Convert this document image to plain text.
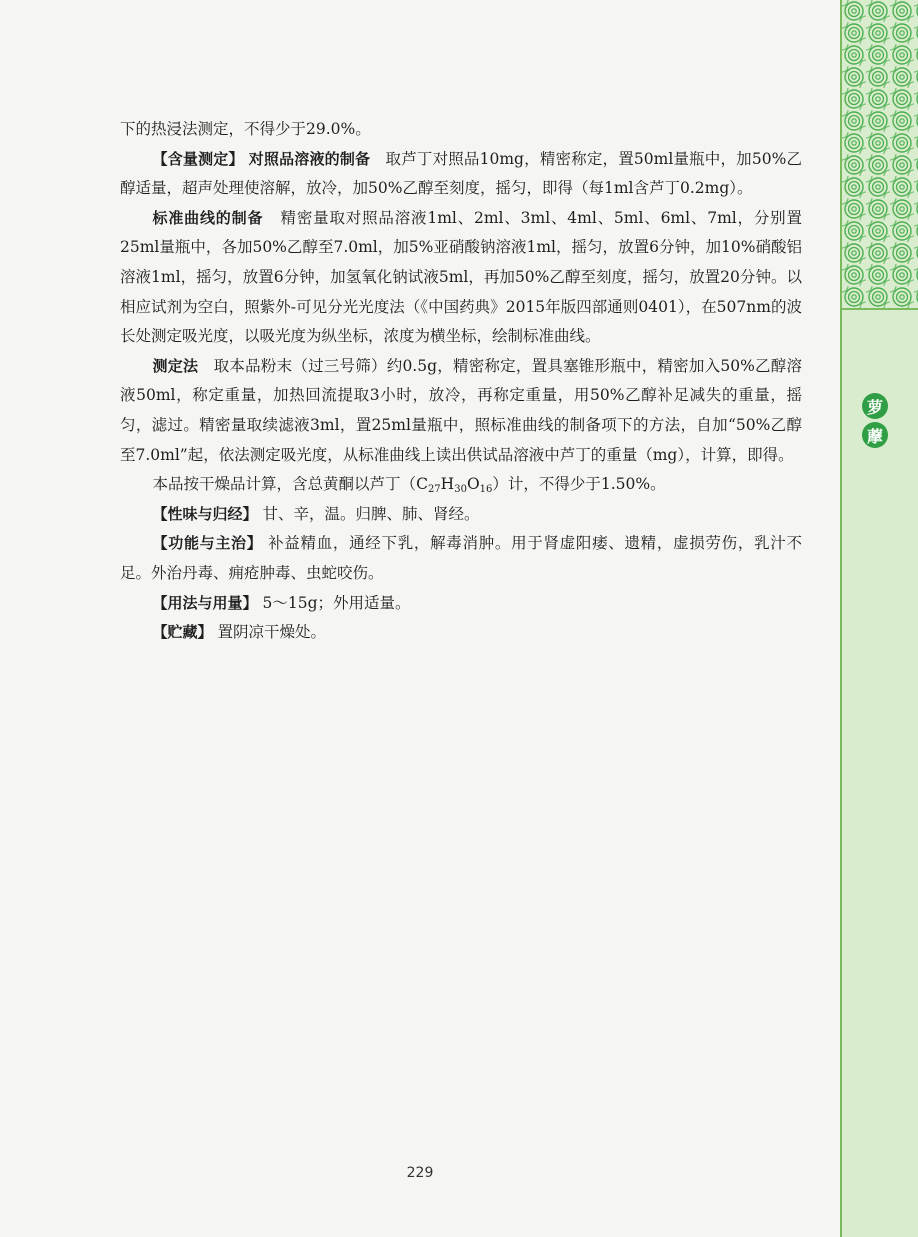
萝
藦

下的热浸法测定，不得少于29.0%。

【含量测定】 对照品溶液的制备 取芦丁对照品10mg，精密称定，置50ml量瓶中，加50%乙醇适量，超声处理使溶解，放冷，加50%乙醇至刻度，摇匀，即得（每1ml含芦丁0.2mg）。

标准曲线的制备 精密量取对照品溶液1ml、2ml、3ml、4ml、5ml、6ml、7ml，分别置25ml量瓶中，各加50%乙醇至7.0ml，加5%亚硝酸钠溶液1ml，摇匀，放置6分钟，加10%硝酸铝溶液1ml，摇匀，放置6分钟，加氢氧化钠试液5ml，再加50%乙醇至刻度，摇匀，放置20分钟。以相应试剂为空白，照紫外-可见分光光度法（《中国药典》2015年版四部通则0401），在507nm的波长处测定吸光度，以吸光度为纵坐标，浓度为横坐标，绘制标准曲线。

测定法 取本品粉末（过三号筛）约0.5g，精密称定，置具塞锥形瓶中，精密加入50%乙醇溶液50ml，称定重量，加热回流提取3小时，放冷，再称定重量，用50%乙醇补足减失的重量，摇匀，滤过。精密量取续滤液3ml，置25ml量瓶中，照标准曲线的制备项下的方法，自加“50%乙醇至7.0ml”起，依法测定吸光度，从标准曲线上读出供试品溶液中芦丁的重量（mg），计算，即得。

本品按干燥品计算，含总黄酮以芦丁$(C_{27}H_{30}O_{16})$计，不得少于1.50%。

【性味与归经】 甘、辛，温。归脾、肺、肾经。

【功能与主治】 补益精血，通经下乳，解毒消肿。用于肾虚阳痿、遗精，虚损劳伤，乳汁不足。外治丹毒、痈疮肿毒、虫蛇咬伤。

【用法与用量】 5～15g；外用适量。

【贮藏】 置阴凉干燥处。

229
